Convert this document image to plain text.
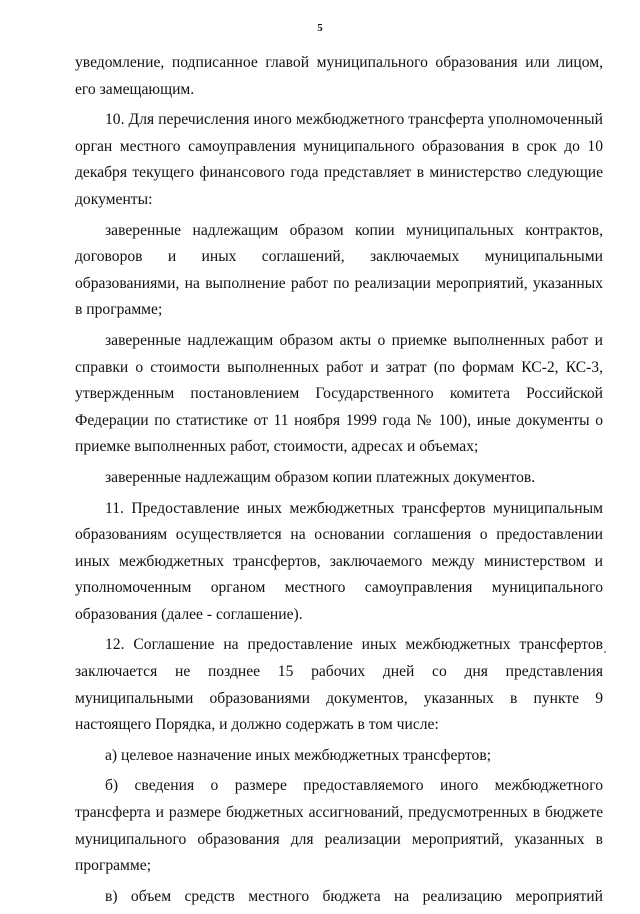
5

уведомление, подписанное главой муниципального образования или лицом, его замещающим.

10. Для перечисления иного межбюджетного трансферта уполномоченный орган местного самоуправления муниципального образования в срок до 10 декабря текущего финансового года представляет в министерство следующие документы:

заверенные надлежащим образом копии муниципальных контрактов, договоров и иных соглашений, заключаемых муниципальными образованиями, на выполнение работ по реализации мероприятий, указанных в программе;

заверенные надлежащим образом акты о приемке выполненных работ и справки о стоимости выполненных работ и затрат (по формам КС-2, КС-3, утвержденным постановлением Государственного комитета Российской Федерации по статистике от 11 ноября 1999 года № 100), иные документы о приемке выполненных работ, стоимости, адресах и объемах;

заверенные надлежащим образом копии платежных документов.

11. Предоставление иных межбюджетных трансфертов муниципальным образованиям осуществляется на основании соглашения о предоставлении иных межбюджетных трансфертов, заключаемого между министерством и уполномоченным органом местного самоуправления муниципального образования (далее - соглашение).

12. Соглашение на предоставление иных межбюджетных трансфертов заключается не позднее 15 рабочих дней со дня представления муниципальными образованиями документов, указанных в пункте 9 настоящего Порядка, и должно содержать в том числе:

а) целевое назначение иных межбюджетных трансфертов;

б) сведения о размере предоставляемого иного межбюджетного трансферта и размере бюджетных ассигнований, предусмотренных в бюджете муниципального образования для реализации мероприятий, указанных в программе;

в) объем средств местного бюджета на реализацию мероприятий
